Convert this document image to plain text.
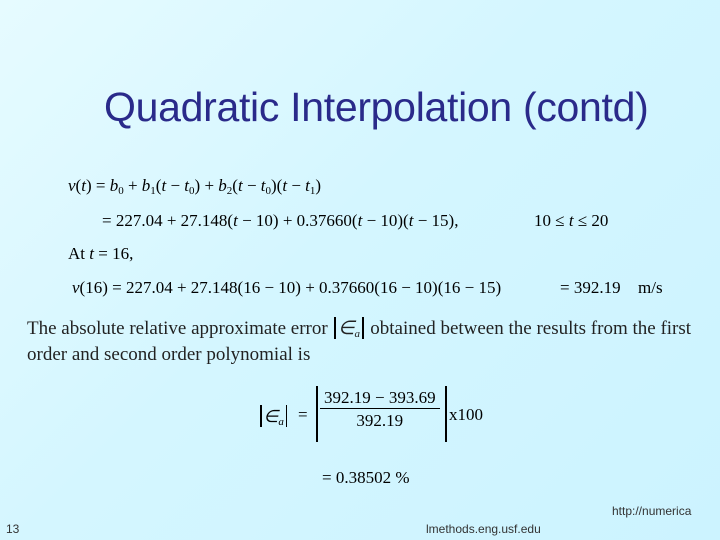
Quadratic Interpolation (contd)
$v(t) = b_0 + b_1(t - t_0) + b_2(t - t_0)(t - t_1)$
= 227.04 + 27.148(t − 10) + 0.37660(t − 10)(t − 15),	10 ≤ t ≤ 20
At t = 16,
v(16) = 227.04 + 27.148(16 − 10) + 0.37660(16 − 10)(16 − 15)	= 392.19 m/s
The absolute relative approximate error $\in_a$ obtained between the results from the first
order and second order polynomial is
$\in_a = \frac{392.19 - 393.69}{392.19} x100$
= 0.38502 %
13	lmethods.eng.usf.edu
http://numerica
